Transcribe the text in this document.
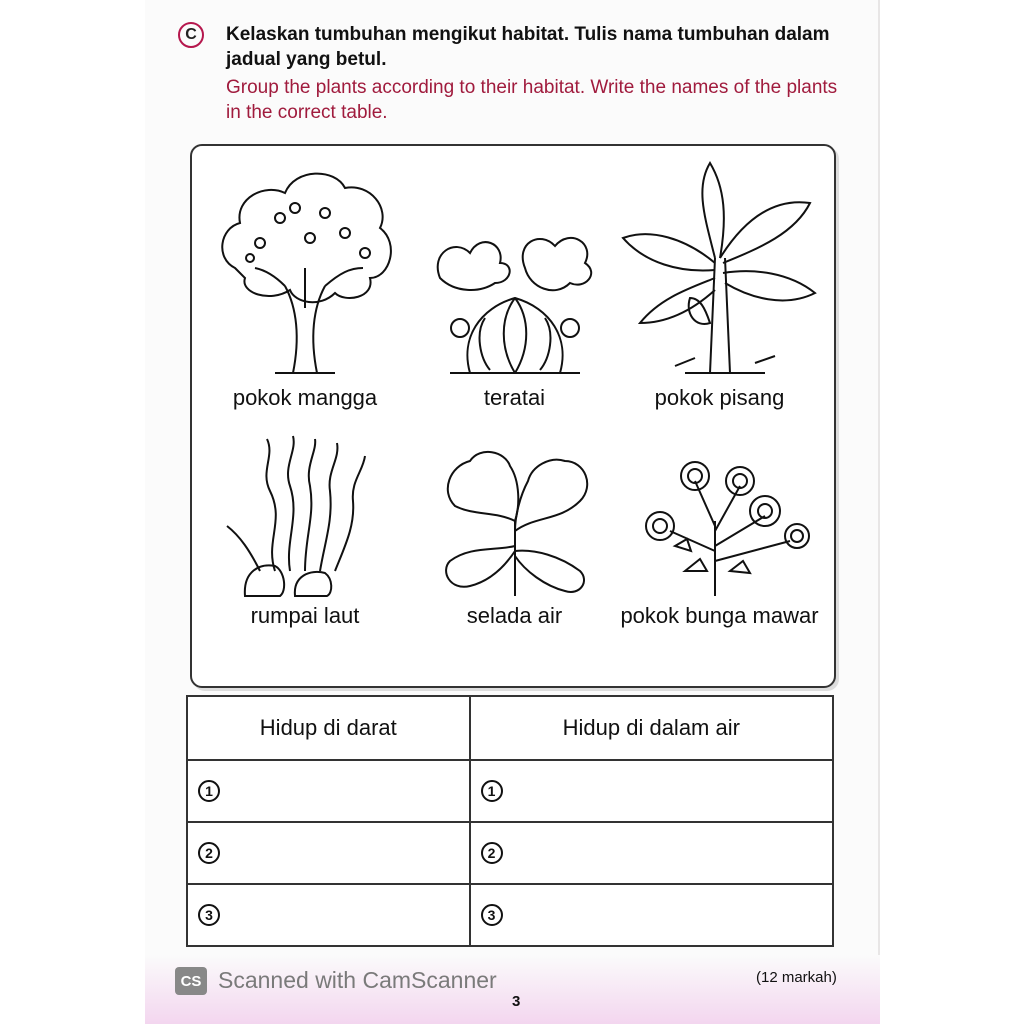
C	Kelaskan tumbuhan mengikut habitat. Tulis nama tumbuhan dalam jadual yang betul.
Group the plants according to their habitat. Write the names of the plants in the correct table.
pokok mangga	teratai	pokok pisang
rumpai laut	selada air	pokok bunga mawar
Hidup di darat	Hidup di dalam air

1	1

2	2

3	3
CS Scanned with CamScanner	(12 markah)
3
